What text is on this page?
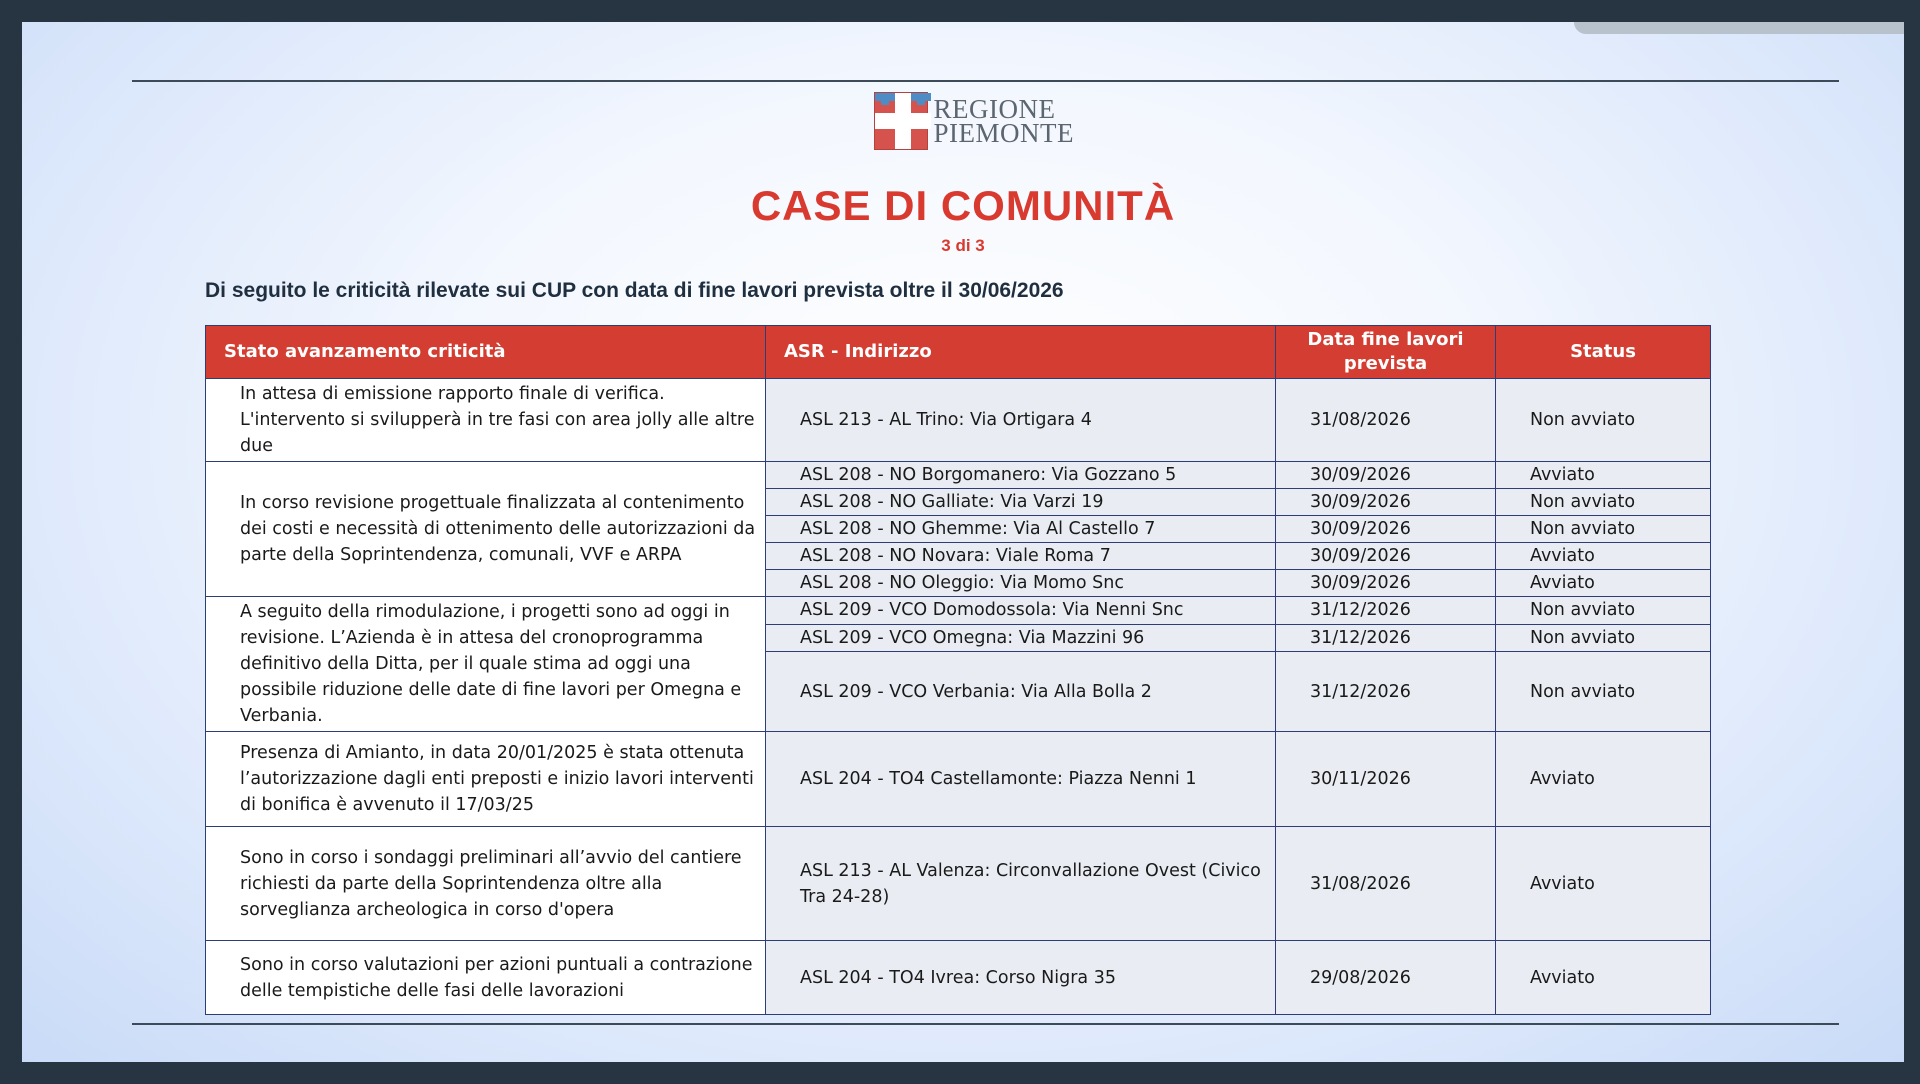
REGIONE
PIEMONTE
CASE DI COMUNITÀ
3 di 3
Di seguito le criticità rilevate sui CUP con data di fine lavori prevista oltre il 30/06/2026
Stato avanzamento criticità	ASR - Indirizzo	Data fine lavori prevista	Status
In attesa di emissione rapporto finale di verifica. L'intervento si svilupperà in tre fasi con area jolly alle altre due	ASL 213 - AL Trino: Via Ortigara 4	31/08/2026	Non avviato
In corso revisione progettuale finalizzata al contenimento dei costi e necessità di ottenimento delle autorizzazioni da parte della Soprintendenza, comunali, VVF e ARPA	ASL 208 - NO Borgomanero: Via Gozzano 5	30/09/2026	Avviato
	ASL 208 - NO Galliate: Via Varzi 19	30/09/2026	Non avviato
	ASL 208 - NO Ghemme: Via Al Castello 7	30/09/2026	Non avviato
	ASL 208 - NO Novara: Viale Roma 7	30/09/2026	Avviato
	ASL 208 - NO Oleggio: Via Momo Snc	30/09/2026	Avviato
A seguito della rimodulazione, i progetti sono ad oggi in revisione. L’Azienda è in attesa del cronoprogramma definitivo della Ditta, per il quale stima ad oggi una possibile riduzione delle date di fine lavori per Omegna e Verbania.	ASL 209 - VCO Domodossola: Via Nenni Snc	31/12/2026	Non avviato
	ASL 209 - VCO Omegna: Via Mazzini 96	31/12/2026	Non avviato
	ASL 209 - VCO Verbania: Via Alla Bolla 2	31/12/2026	Non avviato
Presenza di Amianto, in data 20/01/2025 è stata ottenuta l’autorizzazione dagli enti preposti e inizio lavori interventi di bonifica è avvenuto il 17/03/25	ASL 204 - TO4 Castellamonte: Piazza Nenni 1	30/11/2026	Avviato
Sono in corso i sondaggi preliminari all’avvio del cantiere richiesti da parte della Soprintendenza oltre alla sorveglianza archeologica in corso d'opera	ASL 213 - AL Valenza: Circonvallazione Ovest (Civico Tra 24-28)	31/08/2026	Avviato
Sono in corso valutazioni per azioni puntuali a contrazione delle tempistiche delle fasi delle lavorazioni	ASL 204 - TO4 Ivrea: Corso Nigra 35	29/08/2026	Avviato
